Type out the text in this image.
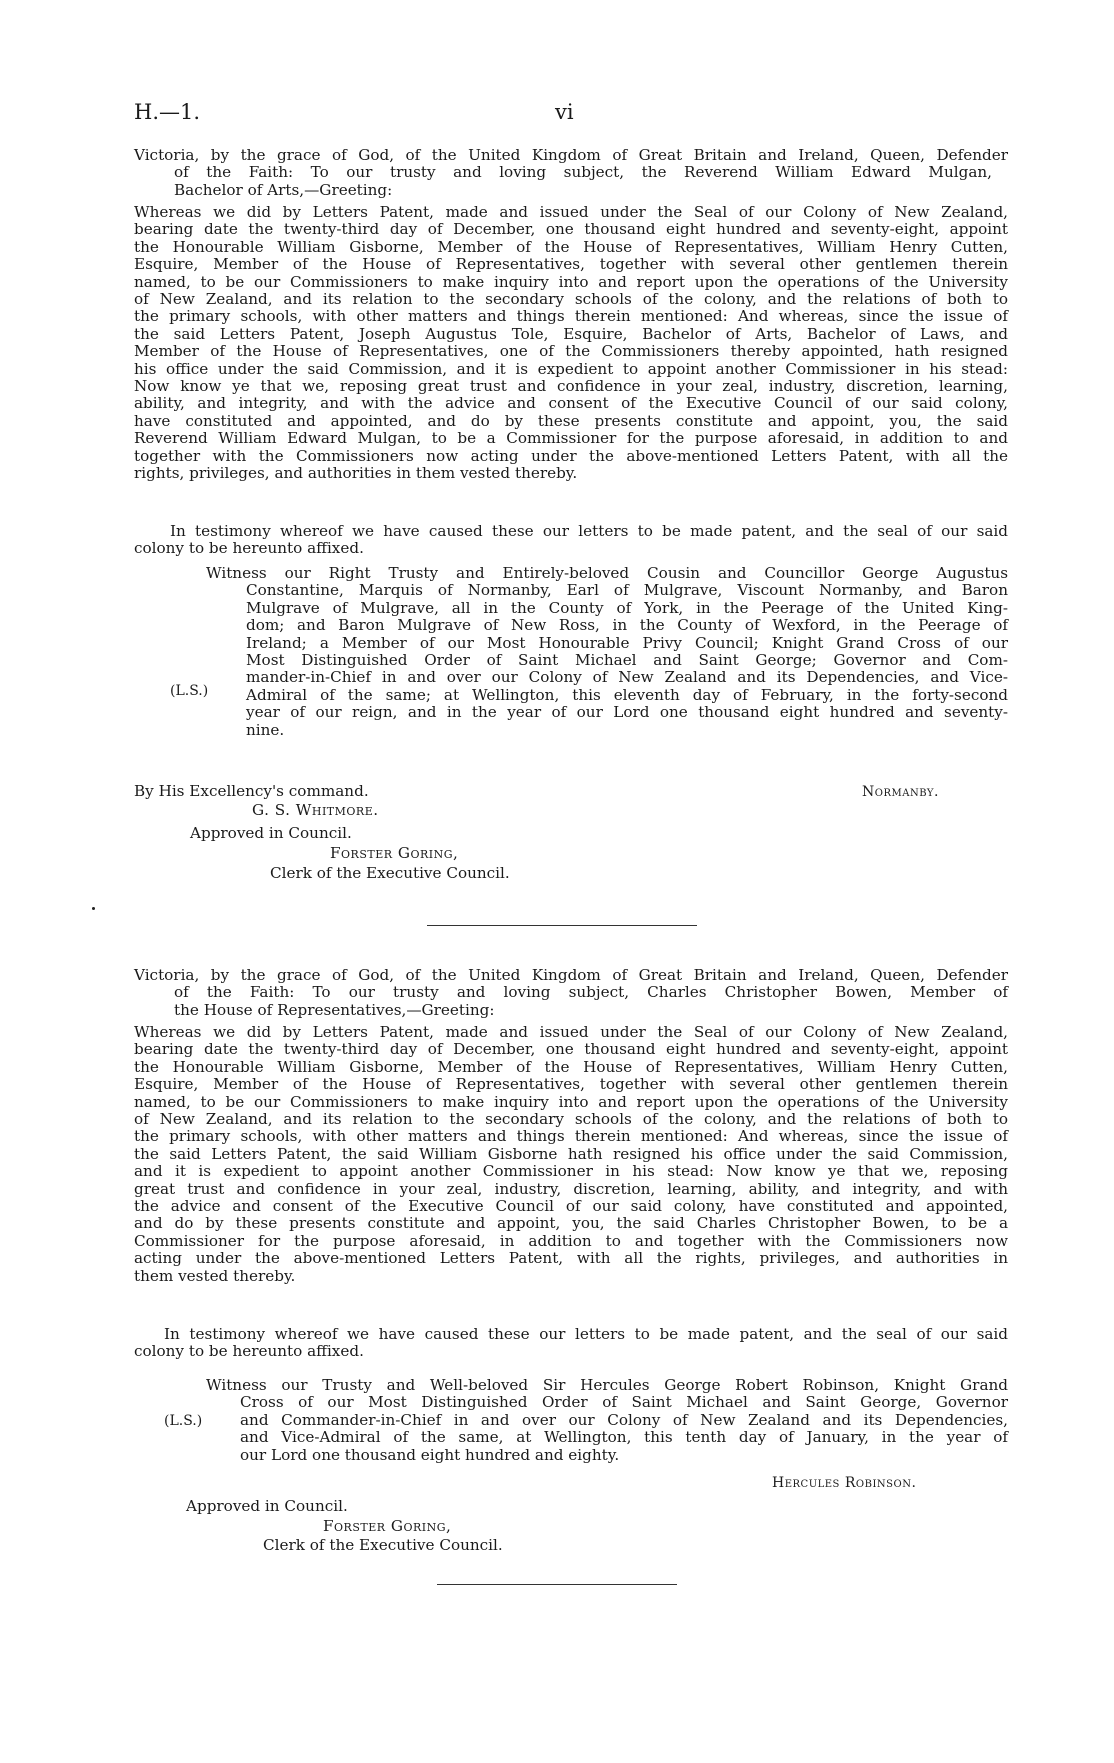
H.—1.	vi
Victoria, by the grace of God, of the United Kingdom of Great Britain and Ireland, Queen, Defender
of the Faith: To our trusty and loving subject, the Reverend William Edward Mulgan,
Bachelor of Arts,—Greeting:
Whereas we did by Letters Patent, made and issued under the Seal of our Colony of New Zealand,
bearing date the twenty-third day of December, one thousand eight hundred and seventy-eight, appoint
the Honourable William Gisborne, Member of the House of Representatives, William Henry Cutten,
Esquire, Member of the House of Representatives, together with several other gentlemen therein
named, to be our Commissioners to make inquiry into and report upon the operations of the University
of New Zealand, and its relation to the secondary schools of the colony, and the relations of both to
the primary schools, with other matters and things therein mentioned: And whereas, since the issue of
the said Letters Patent, Joseph Augustus Tole, Esquire, Bachelor of Arts, Bachelor of Laws, and
Member of the House of Representatives, one of the Commissioners thereby appointed, hath resigned
his office under the said Commission, and it is expedient to appoint another Commissioner in his stead:
Now know ye that we, reposing great trust and confidence in your zeal, industry, discretion, learning,
ability, and integrity, and with the advice and consent of the Executive Council of our said colony,
have constituted and appointed, and do by these presents constitute and appoint, you, the said
Reverend William Edward Mulgan, to be a Commissioner for the purpose aforesaid, in addition to and
together with the Commissioners now acting under the above-mentioned Letters Patent, with all the
rights, privileges, and authorities in them vested thereby.
In testimony whereof we have caused these our letters to be made patent, and the seal of our said
colony to be hereunto affixed.
Witness our Right Trusty and Entirely-beloved Cousin and Councillor George Augustus
Constantine, Marquis of Normanby, Earl of Mulgrave, Viscount Normanby, and Baron
Mulgrave of Mulgrave, all in the County of York, in the Peerage of the United King-
dom; and Baron Mulgrave of New Ross, in the County of Wexford, in the Peerage of
Ireland; a Member of our Most Honourable Privy Council; Knight Grand Cross of our
Most Distinguished Order of Saint Michael and Saint George; Governor and Com-
mander-in-Chief in and over our Colony of New Zealand and its Dependencies, and Vice-
Admiral of the same; at Wellington, this eleventh day of February, in the forty-second
year of our reign, and in the year of our Lord one thousand eight hundred and seventy-
nine.
(L.S.)
By His Excellency's command.	Normanby.
G. S. Whitmore.
Approved in Council.
Forster Goring,
Clerk of the Executive Council.
Victoria, by the grace of God, of the United Kingdom of Great Britain and Ireland, Queen, Defender
of the Faith: To our trusty and loving subject, Charles Christopher Bowen, Member of
the House of Representatives,—Greeting:
Whereas we did by Letters Patent, made and issued under the Seal of our Colony of New Zealand,
bearing date the twenty-third day of December, one thousand eight hundred and seventy-eight, appoint
the Honourable William Gisborne, Member of the House of Representatives, William Henry Cutten,
Esquire, Member of the House of Representatives, together with several other gentlemen therein
named, to be our Commissioners to make inquiry into and report upon the operations of the University
of New Zealand, and its relation to the secondary schools of the colony, and the relations of both to
the primary schools, with other matters and things therein mentioned: And whereas, since the issue of
the said Letters Patent, the said William Gisborne hath resigned his office under the said Commission,
and it is expedient to appoint another Commissioner in his stead: Now know ye that we, reposing
great trust and confidence in your zeal, industry, discretion, learning, ability, and integrity, and with
the advice and consent of the Executive Council of our said colony, have constituted and appointed,
and do by these presents constitute and appoint, you, the said Charles Christopher Bowen, to be a
Commissioner for the purpose aforesaid, in addition to and together with the Commissioners now
acting under the above-mentioned Letters Patent, with all the rights, privileges, and authorities in
them vested thereby.
In testimony whereof we have caused these our letters to be made patent, and the seal of our said
colony to be hereunto affixed.
Witness our Trusty and Well-beloved Sir Hercules George Robert Robinson, Knight Grand
Cross of our Most Distinguished Order of Saint Michael and Saint George, Governor
and Commander-in-Chief in and over our Colony of New Zealand and its Dependencies,
and Vice-Admiral of the same, at Wellington, this tenth day of January, in the year of
our Lord one thousand eight hundred and eighty.
(L.S.)
Hercules Robinson.
Approved in Council.
Forster Goring,
Clerk of the Executive Council.
